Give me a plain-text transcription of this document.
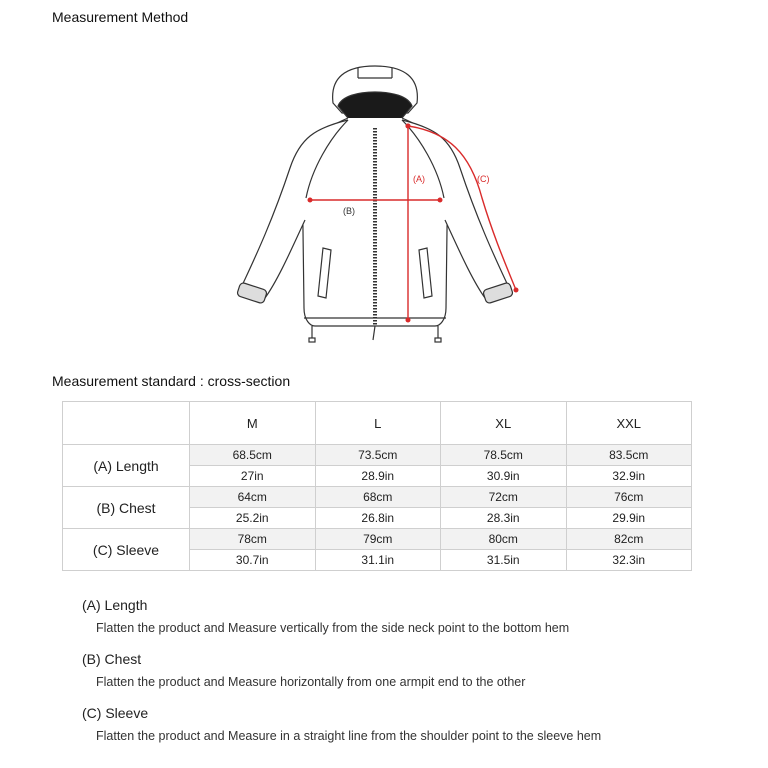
Measurement Method
(A)
(B)
(C)
Measurement standard : cross-section
	M	L	XL	XXL
(A) Length	68.5cm	73.5cm	78.5cm	83.5cm
	27in	28.9in	30.9in	32.9in
(B) Chest	64cm	68cm	72cm	76cm
	25.2in	26.8in	28.3in	29.9in
(C) Sleeve	78cm	79cm	80cm	82cm
	30.7in	31.1in	31.5in	32.3in
(A) Length
Flatten the product and Measure vertically from the side neck point to the bottom hem
(B) Chest
Flatten the product and Measure horizontally from one armpit end to the other
(C) Sleeve
Flatten the product and Measure in a straight line from the shoulder point to the sleeve hem
